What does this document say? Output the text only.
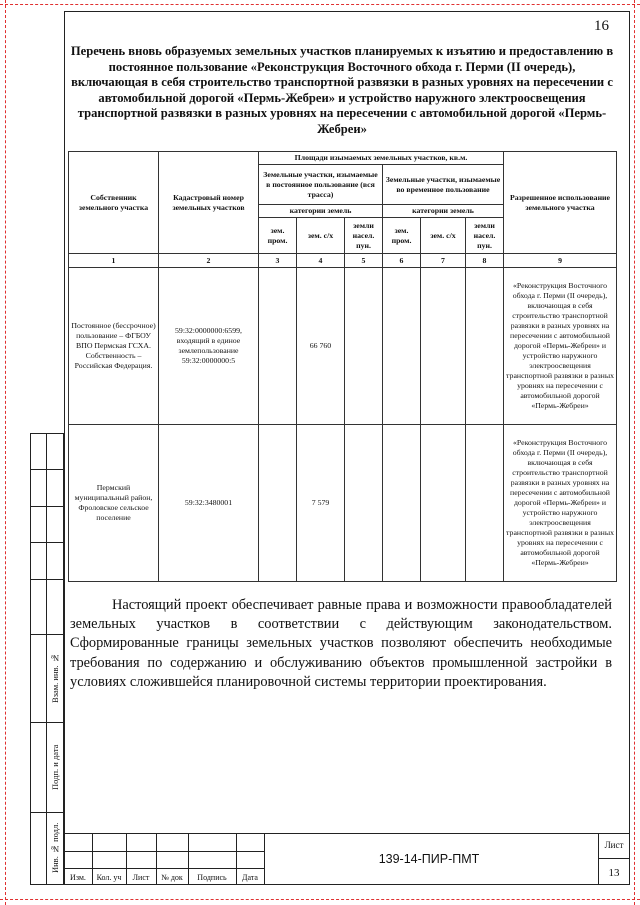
16
Перечень вновь образуемых земельных участков планируемых к изъятию и предоставлению в постоянное пользование «Реконструкция Восточного обхода г. Перми (II очередь), включающая в себя строительство транспортной развязки в разных уровнях на пересечении с автомобильной дорогой «Пермь-Жебреи» и устройство наружного электроосвещения транспортной развязки в разных уровнях на пересечении с автомобильной дорогой «Пермь-Жебреи»
Собственник земельного участка	Кадастровый номер земельных участков	Площади изымаемых земельных участков, кв.м.						Разрешенное использование земельного участка
		Земельные участки, изымаемые в постоянное пользование (вся трасса)			Земельные участки, изымаемые во временное пользование			
		категории земель			категории земель			
		зем. пром.	зем. с/х	земли насел. пун.	зем. пром.	зем. с/х	земли насел. пун.	

1	2	3	4	5	6	7	8	9
Постоянное (бессрочное) пользование – ФГБОУ ВПО Пермская ГСХА. Собственность – Российская Федерация.	59:32:0000000:6599, входящий в единое землепользование 59:32:0000000:5		66 760					«Реконструкция Восточного обхода г. Перми (II очередь), включающая в себя строительство транспортной развязки в разных уровнях на пересечении с автомобильной дорогой «Пермь-Жебреи» и устройство наружного электроосвещения транспортной развязки в разных уровнях на пересечении с автомобильной дорогой «Пермь-Жебреи»
Пермский муниципальный район, Фроловское сельское поселение	59:32:3480001		7 579					«Реконструкция Восточного обхода г. Перми (II очередь), включающая в себя строительство транспортной развязки в разных уровнях на пересечении с автомобильной дорогой «Пермь-Жебреи» и устройство наружного электроосвещения транспортной развязки в разных уровнях на пересечении с автомобильной дорогой «Пермь-Жебреи»
Настоящий проект обеспечивает равные права и возможности правообладателей земельных участков в соответствии с действующим законодательством. Сформированные границы земельных участков позволяют обеспечить необходимые требования по содержанию и обслуживанию объектов промышленной застройки в условиях сложившейся планировочной системы территории проектирования.
Взам. инв. №
Подп. и дата
Инв. № подл.
Изм.	Кол. уч	Лист	№ док	Подпись	Дата
139-14-ПИР-ПМТ
Лист
13
